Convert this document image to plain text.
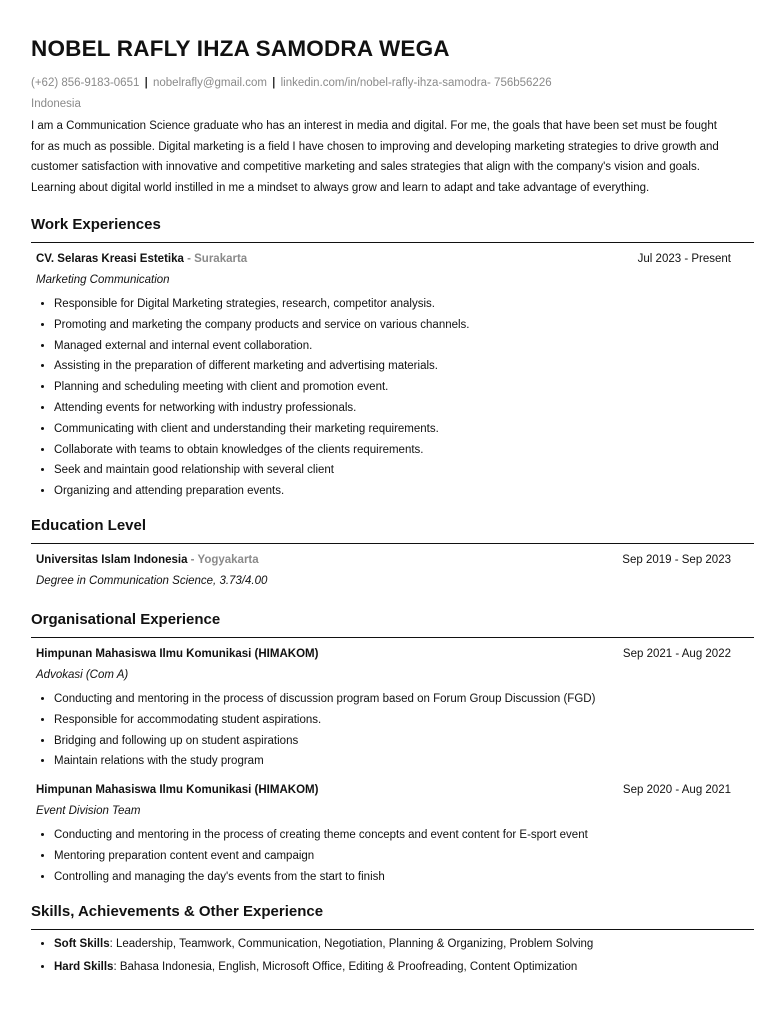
NOBEL RAFLY IHZA SAMODRA WEGA
(+62) 856-9183-0651 | nobelrafly@gmail.com | linkedin.com/in/nobel-rafly-ihza-samodra- 756b56226
Indonesia
I am a Communication Science graduate who has an interest in media and digital. For me, the goals that have been set must be fought for as much as possible. Digital marketing is a field I have chosen to improving and developing marketing strategies to drive growth and customer satisfaction with innovative and competitive marketing and sales strategies that align with the company's vision and goals. Learning about digital world instilled in me a mindset to always grow and learn to adapt and take advantage of everything.
Work Experiences
CV. Selaras Kreasi Estetika - Surakarta	Jul 2023 - Present
Marketing Communication
• Responsible for Digital Marketing strategies, research, competitor analysis.
• Promoting and marketing the company products and service on various channels.
• Managed external and internal event collaboration.
• Assisting in the preparation of different marketing and advertising materials.
• Planning and scheduling meeting with client and promotion event.
• Attending events for networking with industry professionals.
• Communicating with client and understanding their marketing requirements.
• Collaborate with teams to obtain knowledges of the clients requirements.
• Seek and maintain good relationship with several client
• Organizing and attending preparation events.
Education Level
Universitas Islam Indonesia - Yogyakarta	Sep 2019 - Sep 2023
Degree in Communication Science, 3.73/4.00
Organisational Experience
Himpunan Mahasiswa Ilmu Komunikasi (HIMAKOM)	Sep 2021 - Aug 2022
Advokasi (Com A)
• Conducting and mentoring in the process of discussion program based on Forum Group Discussion (FGD)
• Responsible for accommodating student aspirations.
• Bridging and following up on student aspirations
• Maintain relations with the study program
Himpunan Mahasiswa Ilmu Komunikasi (HIMAKOM)	Sep 2020 - Aug 2021
Event Division Team
• Conducting and mentoring in the process of creating theme concepts and event content for E-sport event
• Mentoring preparation content event and campaign
• Controlling and managing the day's events from the start to finish
Skills, Achievements & Other Experience
• Soft Skills: Leadership, Teamwork, Communication, Negotiation, Planning & Organizing, Problem Solving
• Hard Skills: Bahasa Indonesia, English, Microsoft Office, Editing & Proofreading, Content Optimization
